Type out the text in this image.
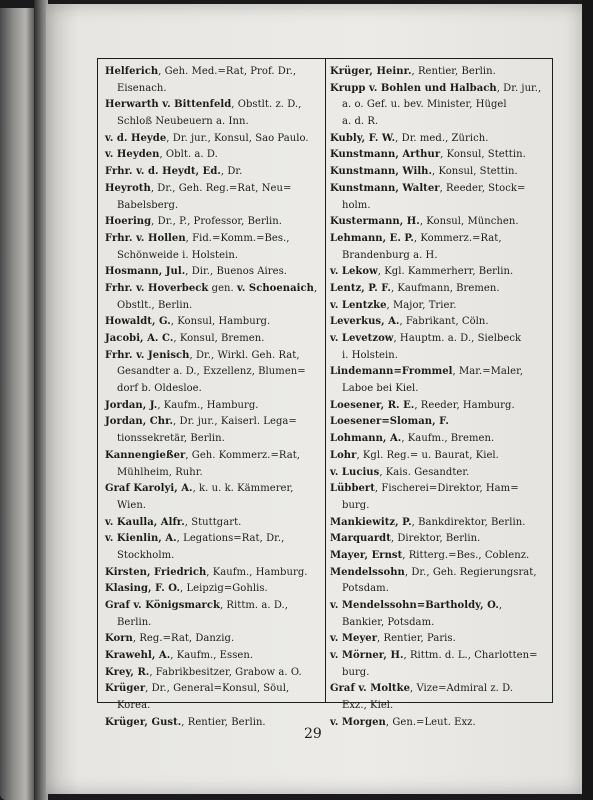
Helferich, Geh. Med.=Rat, Prof. Dr.,
Eisenach.
Herwarth v. Bittenfeld, Obstlt. z. D.,
Schloß Neubeuern a. Inn.
v. d. Heyde, Dr. jur., Konsul, Sao Paulo.
v. Heyden, Oblt. a. D.
Frhr. v. d. Heydt, Ed., Dr.
Heyroth, Dr., Geh. Reg.=Rat, Neu=
Babelsberg.
Hoering, Dr., P., Professor, Berlin.
Frhr. v. Hollen, Fid.=Komm.=Bes.,
Schönweide i. Holstein.
Hosmann, Jul., Dir., Buenos Aires.
Frhr. v. Hoverbeck gen. v. Schoenaich,
Obstlt., Berlin.
Howaldt, G., Konsul, Hamburg.
Jacobi, A. C., Konsul, Bremen.
Frhr. v. Jenisch, Dr., Wirkl. Geh. Rat,
Gesandter a. D., Exzellenz, Blumen=
dorf b. Oldesloe.
Jordan, J., Kaufm., Hamburg.
Jordan, Chr., Dr. jur., Kaiserl. Lega=
tionssekretär, Berlin.
Kannengießer, Geh. Kommerz.=Rat,
Mühlheim, Ruhr.
Graf Karolyi, A., k. u. k. Kämmerer,
Wien.
v. Kaulla, Alfr., Stuttgart.
v. Kienlin, A., Legations=Rat, Dr.,
Stockholm.
Kirsten, Friedrich, Kaufm., Hamburg.
Klasing, F. O., Leipzig=Gohlis.
Graf v. Königsmarck, Rittm. a. D.,
Berlin.
Korn, Reg.=Rat, Danzig.
Krawehl, A., Kaufm., Essen.
Krey, R., Fabrikbesitzer, Grabow a. O.
Krüger, Dr., General=Konsul, Söul,
Korea.
Krüger, Gust., Rentier, Berlin.
Krüger, Heinr., Rentier, Berlin.
Krupp v. Bohlen und Halbach, Dr. jur.,
a. o. Gef. u. bev. Minister, Hügel
a. d. R.
Kubly, F. W., Dr. med., Zürich.
Kunstmann, Arthur, Konsul, Stettin.
Kunstmann, Wilh., Konsul, Stettin.
Kunstmann, Walter, Reeder, Stock=
holm.
Kustermann, H., Konsul, München.
Lehmann, E. P., Kommerz.=Rat,
Brandenburg a. H.
v. Lekow, Kgl. Kammerherr, Berlin.
Lentz, P. F., Kaufmann, Bremen.
v. Lentzke, Major, Trier.
Leverkus, A., Fabrikant, Cöln.
v. Levetzow, Hauptm. a. D., Sielbeck
i. Holstein.
Lindemann=Frommel, Mar.=Maler,
Laboe bei Kiel.
Loesener, R. E., Reeder, Hamburg.
Loesener=Sloman, F.
Lohmann, A., Kaufm., Bremen.
Lohr, Kgl. Reg.= u. Baurat, Kiel.
v. Lucius, Kais. Gesandter.
Lübbert, Fischerei=Direktor, Ham=
burg.
Mankiewitz, P., Bankdirektor, Berlin.
Marquardt, Direktor, Berlin.
Mayer, Ernst, Ritterg.=Bes., Coblenz.
Mendelssohn, Dr., Geh. Regierungsrat,
Potsdam.
v. Mendelssohn=Bartholdy, O.,
Bankier, Potsdam.
v. Meyer, Rentier, Paris.
v. Mörner, H., Rittm. d. L., Charlotten=
burg.
Graf v. Moltke, Vize=Admiral z. D.
Exz., Kiel.
v. Morgen, Gen.=Leut. Exz.
29
